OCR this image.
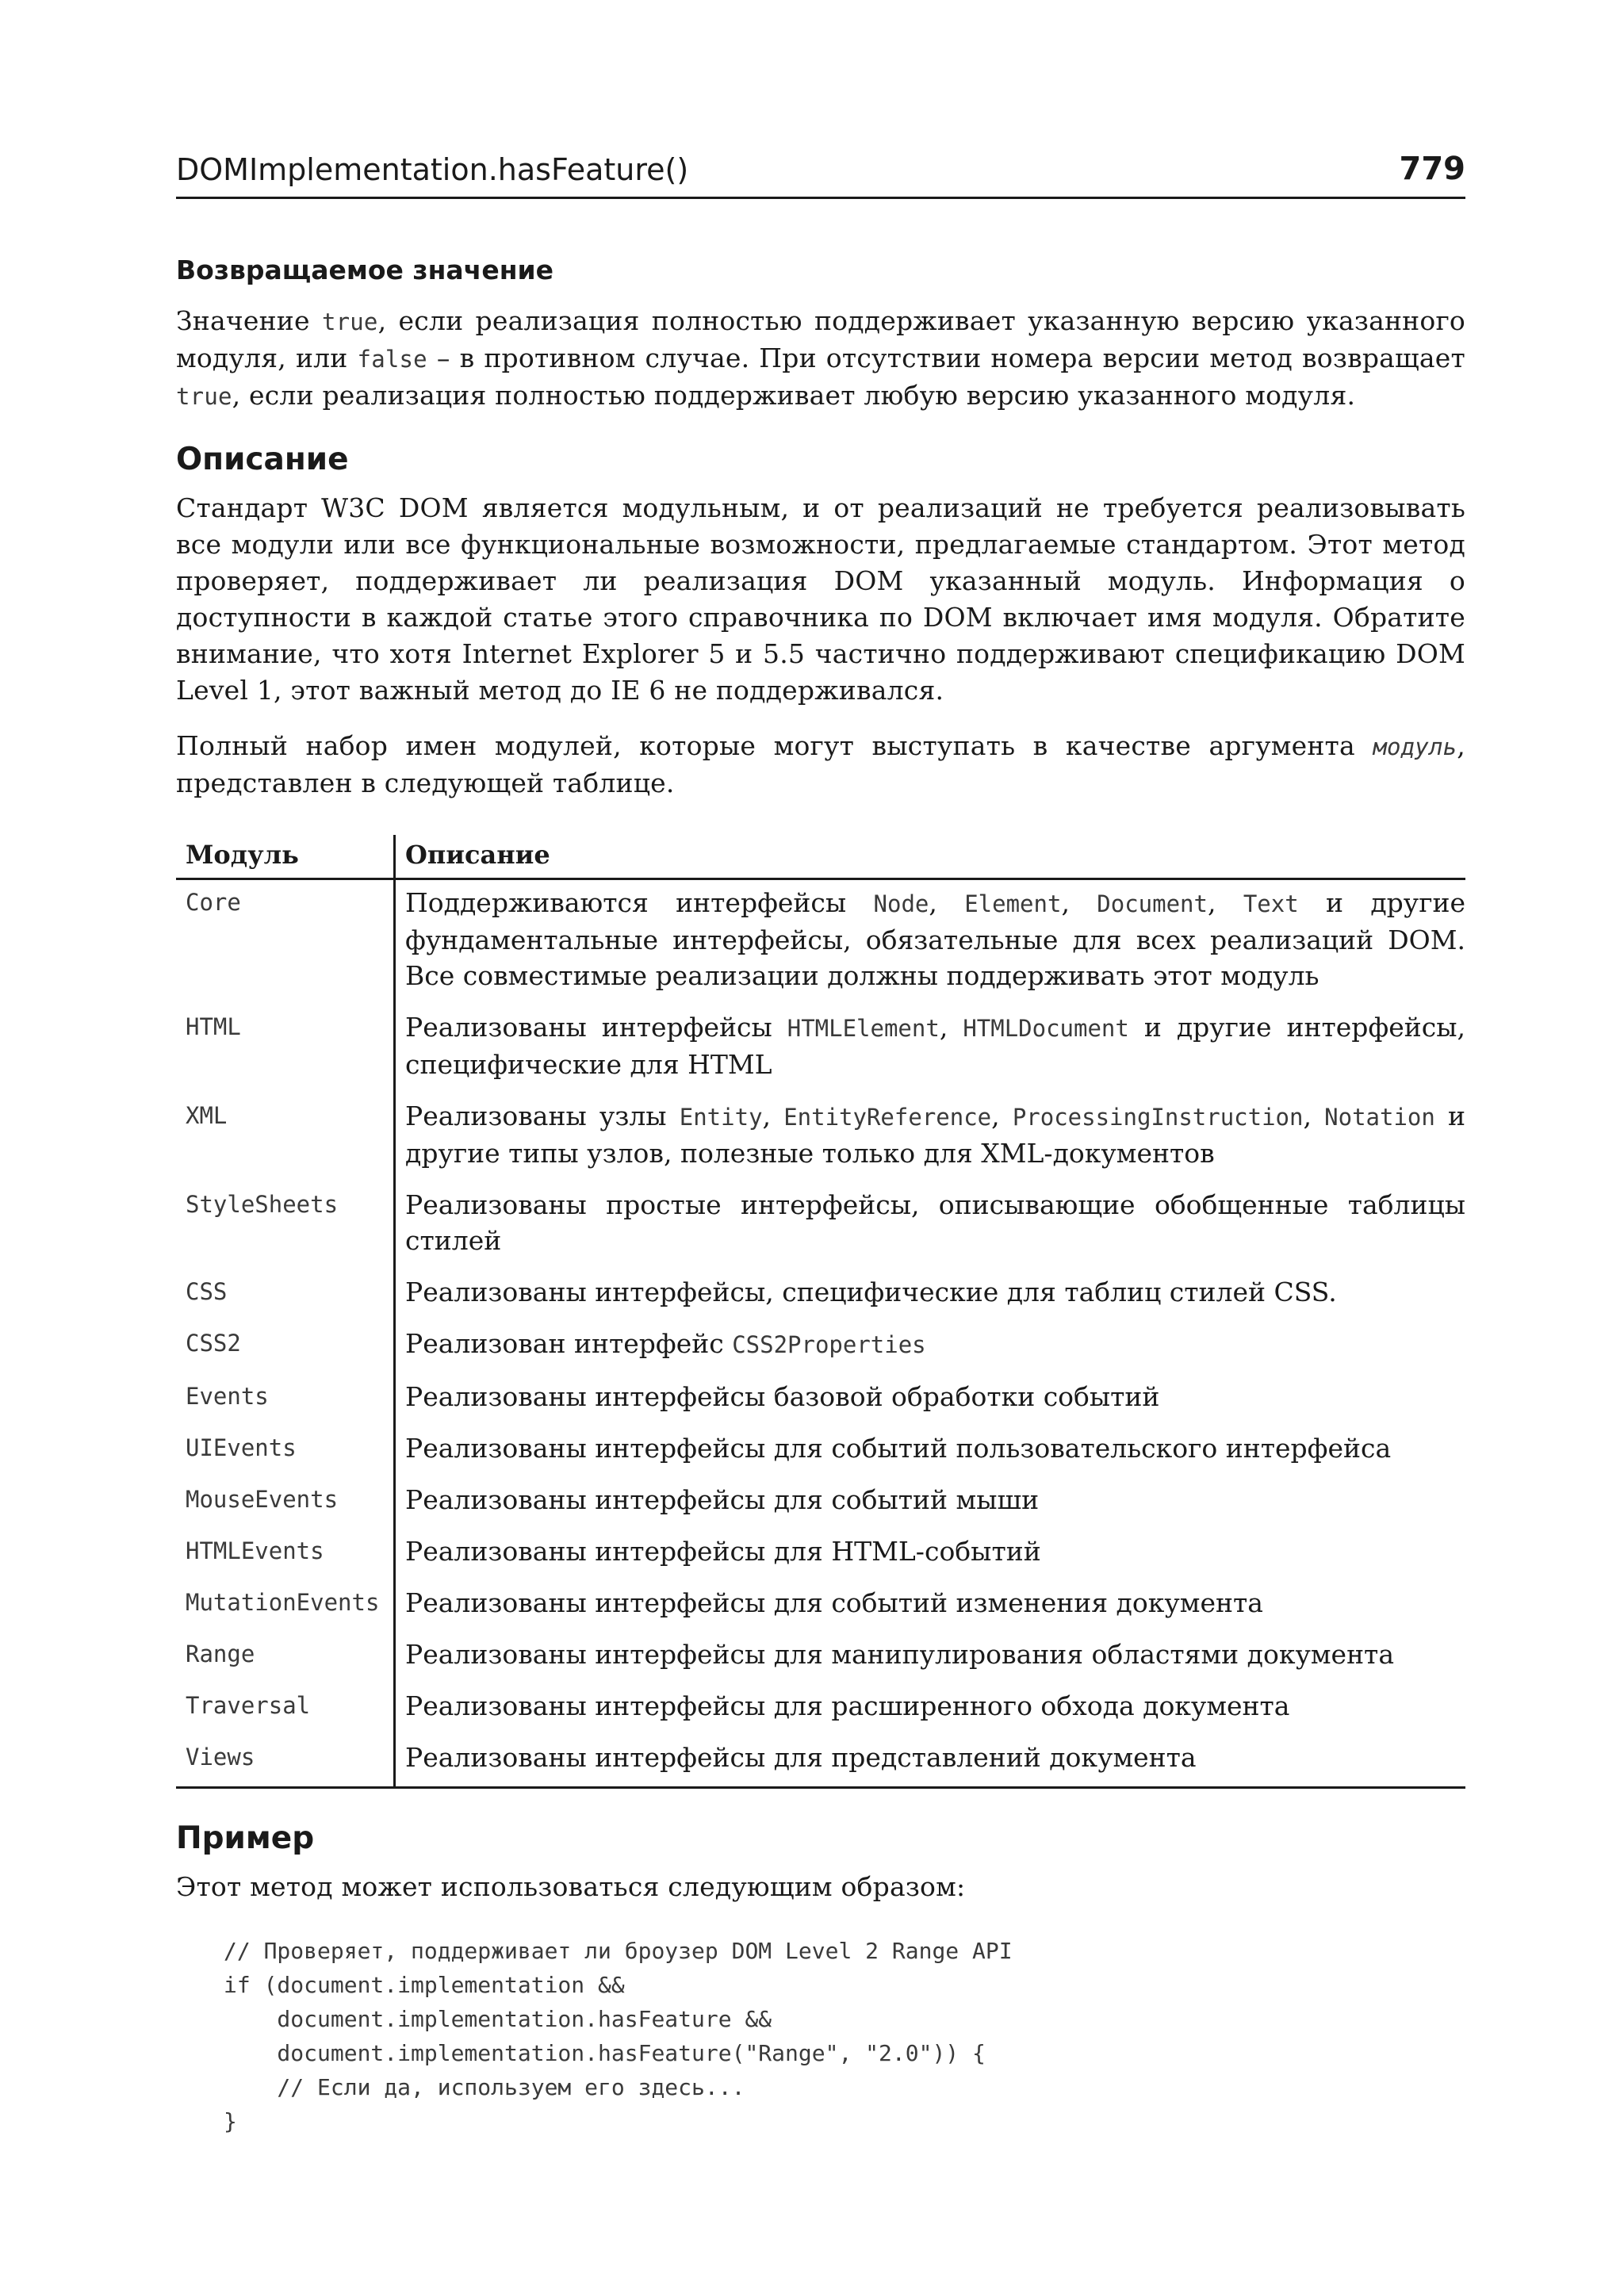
DOMImplementation.hasFeature()	779
Возвращаемое значение

Значение true, если реализация полностью поддерживает указанную версию указанного модуля, или false – в противном случае. При отсутствии номера версии метод возвращает true, если реализация полностью поддерживает любую версию указанного модуля.

Описание

Стандарт W3C DOM является модульным, и от реализаций не требуется реализовывать все модули или все функциональные возможности, предлагаемые стандартом. Этот метод проверяет, поддерживает ли реализация DOM указанный модуль. Информация о доступности в каждой статье этого справочника по DOM включает имя модуля. Обратите внимание, что хотя Internet Explorer 5 и 5.5 частично поддерживают спецификацию DOM Level 1, этот важный метод до IE 6 не поддерживался.

Полный набор имен модулей, которые могут выступать в качестве аргумента модуль, представлен в следующей таблице.

Модуль	Описание
Core	Поддерживаются интерфейсы Node, Element, Document, Text и другие фундаментальные интерфейсы, обязательные для всех реализаций DOM. Все совместимые реализации должны поддерживать этот модуль
HTML	Реализованы интерфейсы HTMLElement, HTMLDocument и другие интерфейсы, специфические для HTML
XML	Реализованы узлы Entity, EntityReference, ProcessingInstruction, Notation и другие типы узлов, полезные только для XML-документов
StyleSheets	Реализованы простые интерфейсы, описывающие обобщенные таблицы стилей
CSS	Реализованы интерфейсы, специфические для таблиц стилей CSS.
CSS2	Реализован интерфейс CSS2Properties
Events	Реализованы интерфейсы базовой обработки событий
UIEvents	Реализованы интерфейсы для событий пользовательского интерфейса
MouseEvents	Реализованы интерфейсы для событий мыши
HTMLEvents	Реализованы интерфейсы для HTML-событий
MutationEvents	Реализованы интерфейсы для событий изменения документа
Range	Реализованы интерфейсы для манипулирования областями документа
Traversal	Реализованы интерфейсы для расширенного обхода документа
Views	Реализованы интерфейсы для представлений документа
Пример

Этот метод может использоваться следующим образом:

// Проверяет, поддерживает ли броузер DOM Level 2 Range API
if (document.implementation &&
document.implementation.hasFeature &&
document.implementation.hasFeature("Range", "2.0")) {
// Если да, используем его здесь...
}
